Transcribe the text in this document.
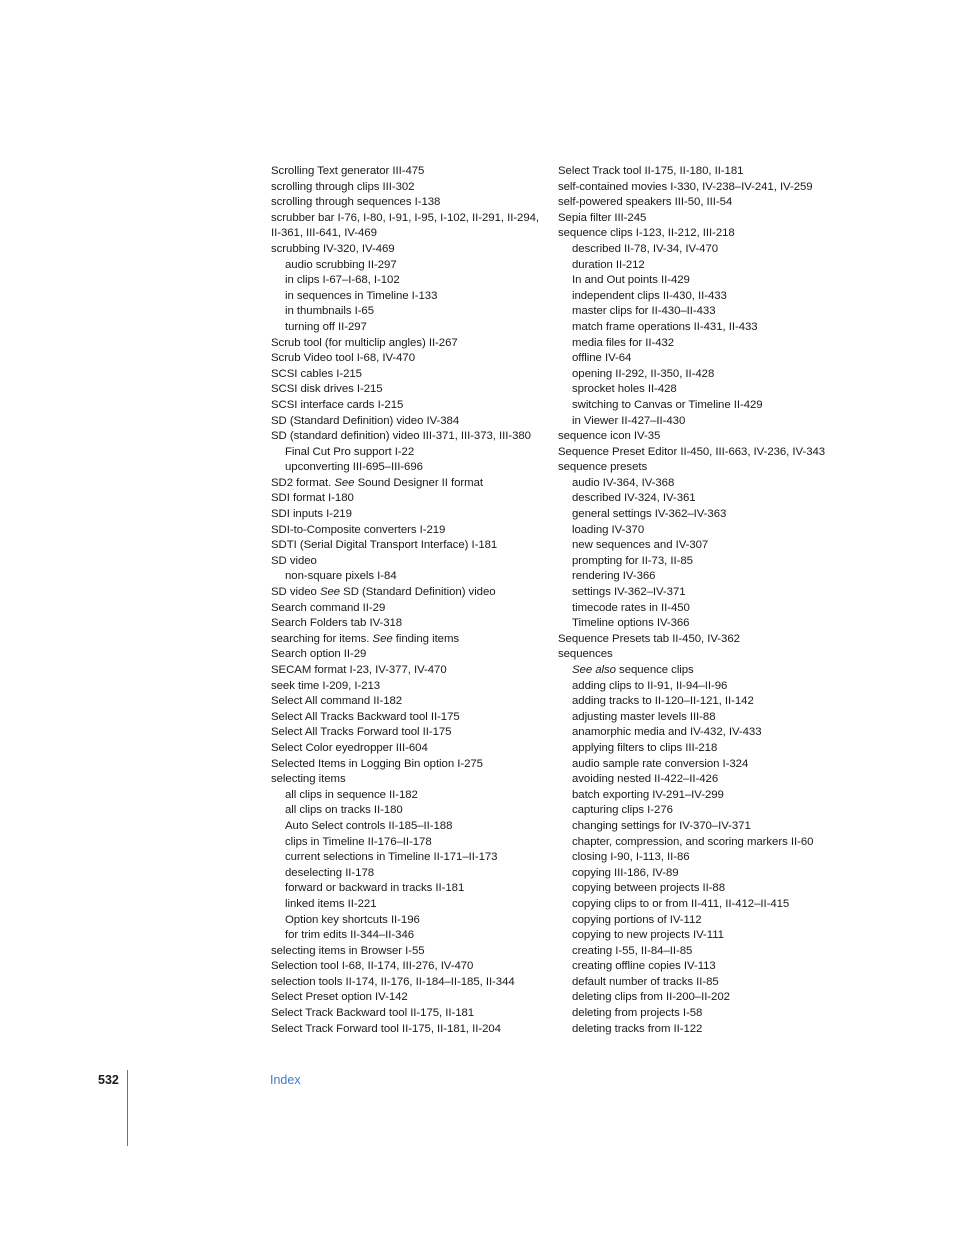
Scrolling Text generator III-475
scrolling through clips III-302
scrolling through sequences I-138
scrubber bar I-76, I-80, I-91, I-95, I-102, II-291, II-294,
II-361, III-641, IV-469
scrubbing IV-320, IV-469
audio scrubbing II-297
in clips I-67–I-68, I-102
in sequences in Timeline I-133
in thumbnails I-65
turning off II-297
Scrub tool (for multiclip angles) II-267
Scrub Video tool I-68, IV-470
SCSI cables I-215
SCSI disk drives I-215
SCSI interface cards I-215
SD (Standard Definition) video IV-384
SD (standard definition) video III-371, III-373, III-380
Final Cut Pro support I-22
upconverting III-695–III-696
SD2 format. See Sound Designer II format
SDI format I-180
SDI inputs I-219
SDI-to-Composite converters I-219
SDTI (Serial Digital Transport Interface) I-181
SD video
non-square pixels I-84
SD video See SD (Standard Definition) video
Search command II-29
Search Folders tab IV-318
searching for items. See finding items
Search option II-29
SECAM format I-23, IV-377, IV-470
seek time I-209, I-213
Select All command II-182
Select All Tracks Backward tool II-175
Select All Tracks Forward tool II-175
Select Color eyedropper III-604
Selected Items in Logging Bin option I-275
selecting items
all clips in sequence II-182
all clips on tracks II-180
Auto Select controls II-185–II-188
clips in Timeline II-176–II-178
current selections in Timeline II-171–II-173
deselecting II-178
forward or backward in tracks II-181
linked items II-221
Option key shortcuts II-196
for trim edits II-344–II-346
selecting items in Browser I-55
Selection tool I-68, II-174, III-276, IV-470
selection tools II-174, II-176, II-184–II-185, II-344
Select Preset option IV-142
Select Track Backward tool II-175, II-181
Select Track Forward tool II-175, II-181, II-204
Select Track tool II-175, II-180, II-181
self-contained movies I-330, IV-238–IV-241, IV-259
self-powered speakers III-50, III-54
Sepia filter III-245
sequence clips I-123, II-212, III-218
described II-78, IV-34, IV-470
duration II-212
In and Out points II-429
independent clips II-430, II-433
master clips for II-430–II-433
match frame operations II-431, II-433
media files for II-432
offline IV-64
opening II-292, II-350, II-428
sprocket holes II-428
switching to Canvas or Timeline II-429
in Viewer II-427–II-430
sequence icon IV-35
Sequence Preset Editor II-450, III-663, IV-236, IV-343
sequence presets
audio IV-364, IV-368
described IV-324, IV-361
general settings IV-362–IV-363
loading IV-370
new sequences and IV-307
prompting for II-73, II-85
rendering IV-366
settings IV-362–IV-371
timecode rates in II-450
Timeline options IV-366
Sequence Presets tab II-450, IV-362
sequences
See also sequence clips
adding clips to II-91, II-94–II-96
adding tracks to II-120–II-121, II-142
adjusting master levels III-88
anamorphic media and IV-432, IV-433
applying filters to clips III-218
audio sample rate conversion I-324
avoiding nested II-422–II-426
batch exporting IV-291–IV-299
capturing clips I-276
changing settings for IV-370–IV-371
chapter, compression, and scoring markers II-60
closing I-90, I-113, II-86
copying III-186, IV-89
copying between projects II-88
copying clips to or from II-411, II-412–II-415
copying portions of IV-112
copying to new projects IV-111
creating I-55, II-84–II-85
creating offline copies IV-113
default number of tracks II-85
deleting clips from II-200–II-202
deleting from projects I-58
deleting tracks from II-122
532	Index
